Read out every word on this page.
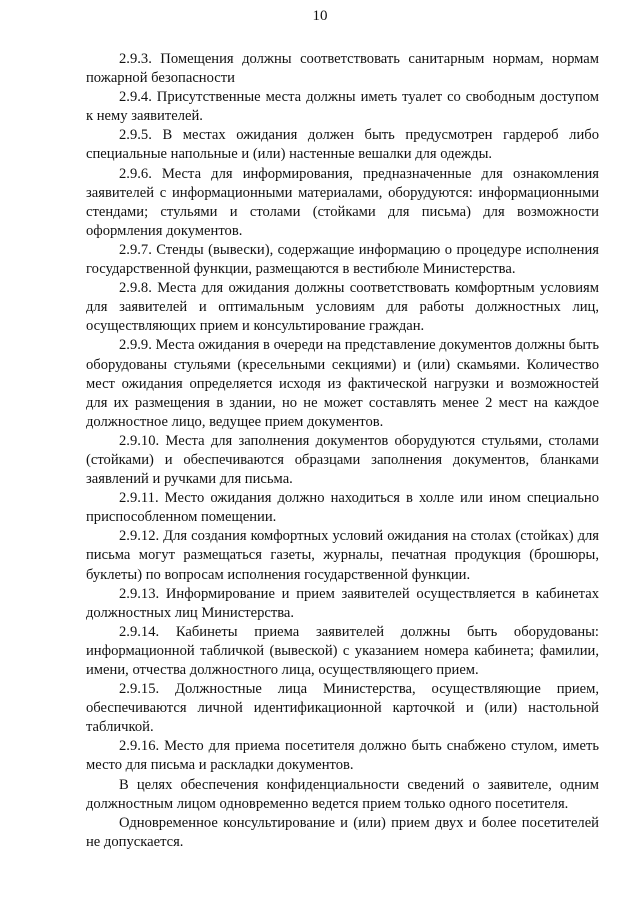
10

2.9.3. Помещения должны соответствовать санитарным нормам, нормам пожарной безопасности

2.9.4. Присутственные места должны иметь туалет со свободным доступом к нему заявителей.

2.9.5. В местах ожидания должен быть предусмотрен гардероб либо специальные напольные и (или) настенные вешалки для одежды.

2.9.6. Места для информирования, предназначенные для ознакомления заявителей с информационными материалами, оборудуются: информационными стендами; стульями и столами (стойками для письма) для возможности оформления документов.

2.9.7. Стенды (вывески), содержащие информацию о процедуре исполнения государственной функции, размещаются в вестибюле Министерства.

2.9.8. Места для ожидания должны соответствовать комфортным условиям для заявителей и оптимальным условиям для работы должностных лиц, осуществляющих прием и консультирование граждан.

2.9.9. Места ожидания в очереди на представление документов должны быть оборудованы стульями (кресельными секциями) и (или) скамьями. Количество мест ожидания определяется исходя из фактической нагрузки и возможностей для их размещения в здании, но не может составлять менее 2 мест на каждое должностное лицо, ведущее прием документов.

2.9.10. Места для заполнения документов оборудуются стульями, столами (стойками) и обеспечиваются образцами заполнения документов, бланками заявлений и ручками для письма.

2.9.11. Место ожидания должно находиться в холле или ином специально приспособленном помещении.

2.9.12. Для создания комфортных условий ожидания на столах (стойках) для письма могут размещаться газеты, журналы, печатная продукция (брошюры, буклеты) по вопросам исполнения государственной функции.

2.9.13. Информирование и прием заявителей осуществляется в кабинетах должностных лиц Министерства.

2.9.14. Кабинеты приема заявителей должны быть оборудованы: информационной табличкой (вывеской) с указанием номера кабинета; фамилии, имени, отчества должностного лица, осуществляющего прием.

2.9.15. Должностные лица Министерства, осуществляющие прием, обеспечиваются личной идентификационной карточкой и (или) настольной табличкой.

2.9.16. Место для приема посетителя должно быть снабжено стулом, иметь место для письма и раскладки документов.

В целях обеспечения конфиденциальности сведений о заявителе, одним должностным лицом одновременно ведется прием только одного посетителя.

Одновременное консультирование и (или) прием двух и более посетителей не допускается.
